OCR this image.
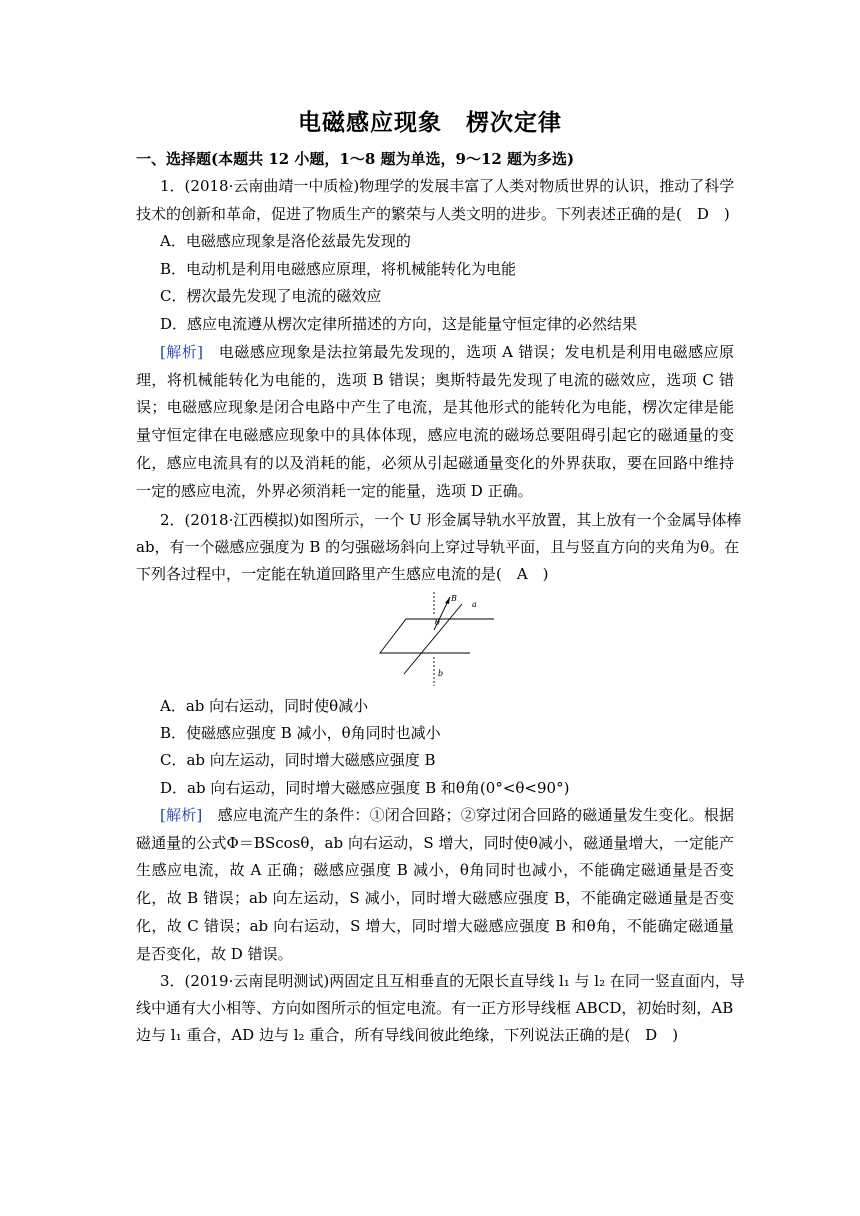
电磁感应现象　楞次定律
一、选择题(本题共 12 小题，1～8 题为单选，9～12 题为多选)
1．(2018·云南曲靖一中质检)物理学的发展丰富了人类对物质世界的认识，推动了科学
技术的创新和革命，促进了物质生产的繁荣与人类文明的进步。下列表述正确的是(　D　)
A．电磁感应现象是洛伦兹最先发现的
B．电动机是利用电磁感应原理，将机械能转化为电能
C．楞次最先发现了电流的磁效应
D．感应电流遵从楞次定律所描述的方向，这是能量守恒定律的必然结果
[解析]　电磁感应现象是法拉第最先发现的，选项 A 错误；发电机是利用电磁感应原理，将机械能转化为电能的，选项 B 错误；奥斯特最先发现了电流的磁效应，选项 C 错误；电磁感应现象是闭合电路中产生了电流，是其他形式的能转化为电能，楞次定律是能量守恒定律在电磁感应现象中的具体体现，感应电流的磁场总要阻碍引起它的磁通量的变化，感应电流具有的以及消耗的能，必须从引起磁通量变化的外界获取，要在回路中维持一定的感应电流，外界必须消耗一定的能量，选项 D 正确。
2．(2018·江西模拟)如图所示，一个 U 形金属导轨水平放置，其上放有一个金属导体棒
ab，有一个磁感应强度为 B 的匀强磁场斜向上穿过导轨平面，且与竖直方向的夹角为θ。在
下列各过程中，一定能在轨道回路里产生感应电流的是(　A　)
B
a
θ
b
A．ab 向右运动，同时使θ减小
B．使磁感应强度 B 减小，θ角同时也减小
C．ab 向左运动，同时增大磁感应强度 B
D．ab 向右运动，同时增大磁感应强度 B 和θ角(0°<θ<90°)
[解析]　感应电流产生的条件：①闭合回路；②穿过闭合回路的磁通量发生变化。根据磁通量的公式Φ＝BScosθ，ab 向右运动，S 增大，同时使θ减小，磁通量增大，一定能产生感应电流，故 A 正确；磁感应强度 B 减小，θ角同时也减小，不能确定磁通量是否变化，故 B 错误；ab 向左运动，S 减小，同时增大磁感应强度 B，不能确定磁通量是否变化，故 C 错误；ab 向右运动，S 增大，同时增大磁感应强度 B 和θ角，不能确定磁通量是否变化，故 D 错误。
3．(2019·云南昆明测试)两固定且互相垂直的无限长直导线 l₁ 与 l₂ 在同一竖直面内，导
线中通有大小相等、方向如图所示的恒定电流。有一正方形导线框 ABCD，初始时刻，AB
边与 l₁ 重合，AD 边与 l₂ 重合，所有导线间彼此绝缘，下列说法正确的是(　D　)
